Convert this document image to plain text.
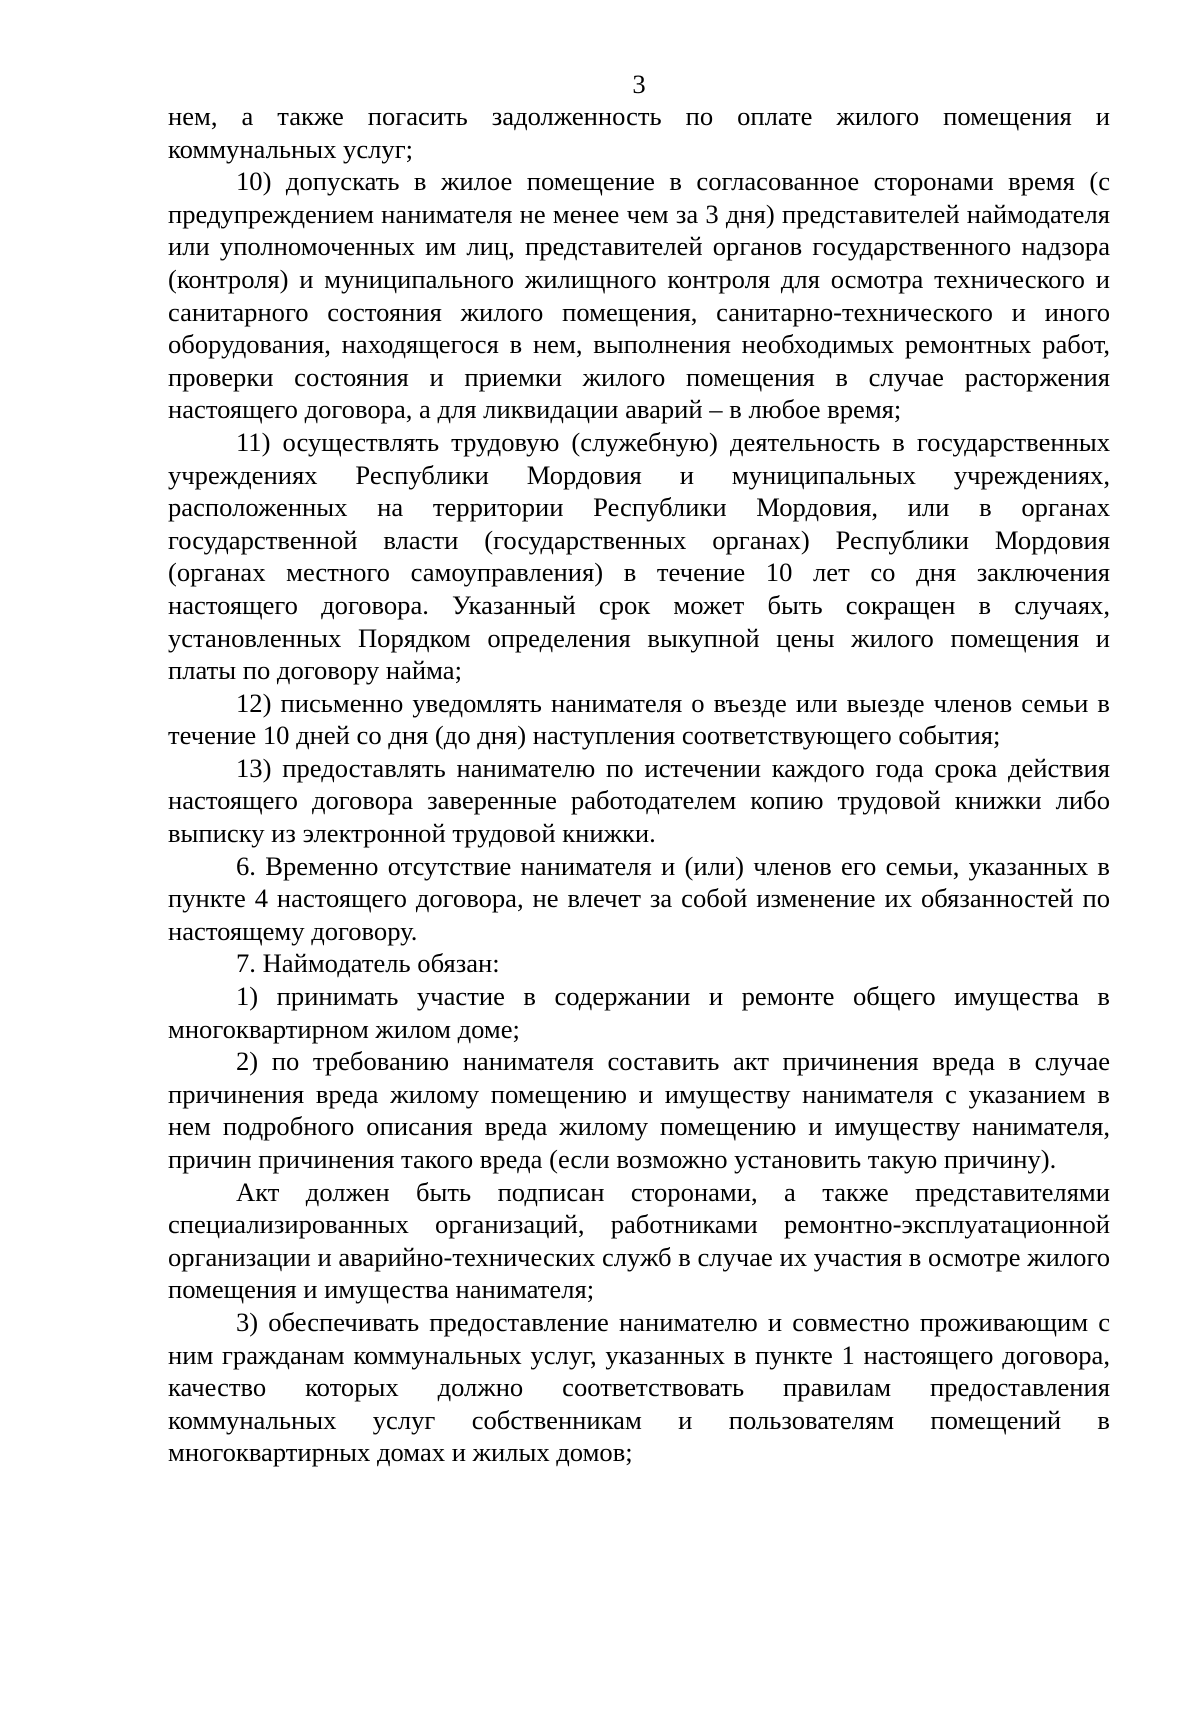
3

нем, а также погасить задолженность по оплате жилого помещения и коммунальных услуг;

10) допускать в жилое помещение в согласованное сторонами время (с предупреждением нанимателя не менее чем за 3 дня) представителей наймодателя или уполномоченных им лиц, представителей органов государственного надзора (контроля) и муниципального жилищного контроля для осмотра технического и санитарного состояния жилого помещения, санитарно-технического и иного оборудования, находящегося в нем, выполнения необходимых ремонтных работ, проверки состояния и приемки жилого помещения в случае расторжения настоящего договора, а для ликвидации аварий – в любое время;

11) осуществлять трудовую (служебную) деятельность в государственных учреждениях Республики Мордовия и муниципальных учреждениях, расположенных на территории Республики Мордовия, или в органах государственной власти (государственных органах) Республики Мордовия (органах местного самоуправления) в течение 10 лет со дня заключения настоящего договора. Указанный срок может быть сокращен в случаях, установленных Порядком определения выкупной цены жилого помещения и платы по договору найма;

12) письменно уведомлять нанимателя о въезде или выезде членов семьи в течение 10 дней со дня (до дня) наступления соответствующего события;

13) предоставлять нанимателю по истечении каждого года срока действия настоящего договора заверенные работодателем копию трудовой книжки либо выписку из электронной трудовой книжки.

6. Временно отсутствие нанимателя и (или) членов его семьи, указанных в пункте 4 настоящего договора, не влечет за собой изменение их обязанностей по настоящему договору.

7. Наймодатель обязан:

1) принимать участие в содержании и ремонте общего имущества в многоквартирном жилом доме;

2) по требованию нанимателя составить акт причинения вреда в случае причинения вреда жилому помещению и имуществу нанимателя с указанием в нем подробного описания вреда жилому помещению и имуществу нанимателя, причин причинения такого вреда (если возможно установить такую причину).

Акт должен быть подписан сторонами, а также представителями специализированных организаций, работниками ремонтно-эксплуатационной организации и аварийно-технических служб в случае их участия в осмотре жилого помещения и имущества нанимателя;

3) обеспечивать предоставление нанимателю и совместно проживающим с ним гражданам коммунальных услуг, указанных в пункте 1 настоящего договора, качество которых должно соответствовать правилам предоставления коммунальных услуг собственникам и пользователям помещений в многоквартирных домах и жилых домов;
